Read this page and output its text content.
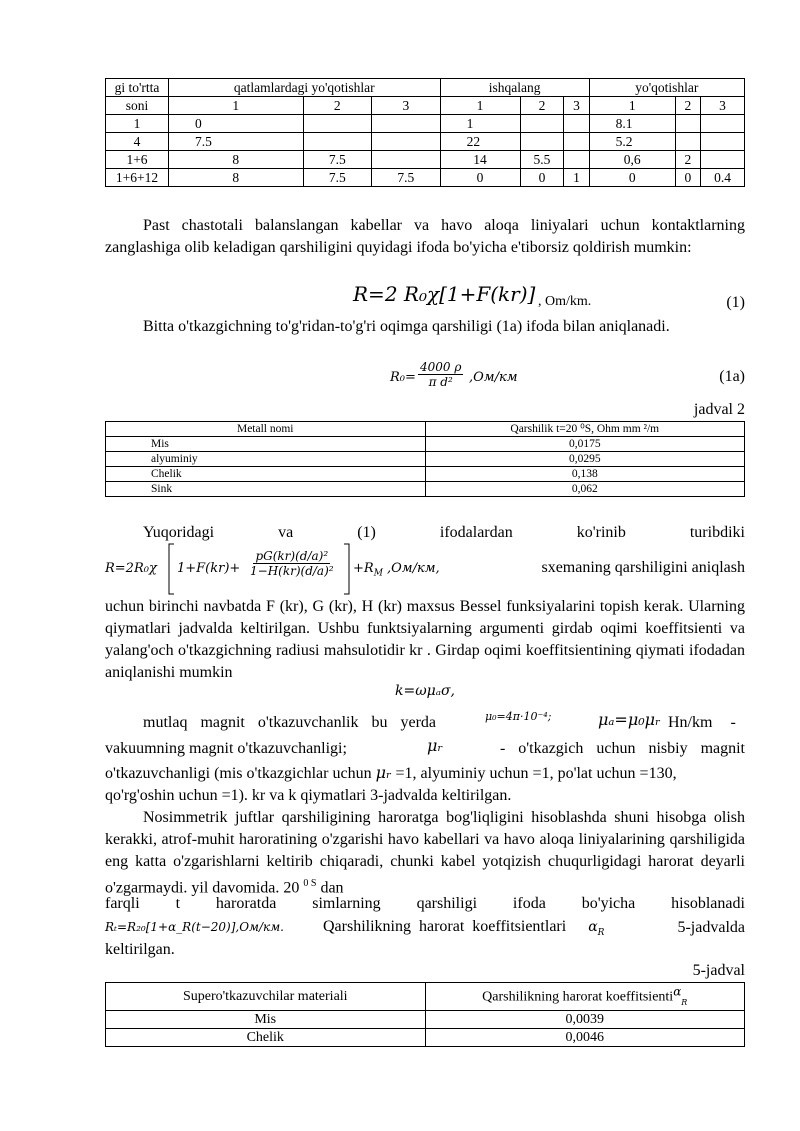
gi to'rtta	qatlamlardagi yo'qotishlar			ishqalang			yo'qotishlar		
soni	1	2	3	1	2	3	1	2	3
1	0			1			8.1		
4	7.5			22			5.2		
1+6	8	7.5		14	5.5		0,6	2	
1+6+12	8	7.5	7.5	0	0	1	0	0	0.4

Past chastotali balanslangan kabellar va havo aloqa liniyalari uchun kontaktlarning zanglashiga olib keladigan qarshiligini quyidagi ifoda bo'yicha e'tiborsiz qoldirish mumkin:

R=2 R₀χ[1+F(kr)] , Om/km.	(1)

Bitta o'tkazgichning to'g'ridan-to'g'ri oqimga qarshiligi (1a) ifoda bilan aniqlanadi.

$R_0= \frac{4000 \rho}{\text{π d²}} ,Ом/км$	(1a)
jadval 2
Metall nomi	Qarshilik t=20 ⁰S, Ohm mm ²/m
Mis	0,0175
alyuminiy	0,0295
Chelik	0,138
Sink	0,062
Yuqoridagi	va	(1)	ifodalardan	ko'rinib	turibdiki
R=2R₀χ $1+F(kr)+ \frac{\text{pG(kr)(d/a)²}}{\text{1−H(kr)(d/a)²}} +R_M$ ,Ом/км,	sxemaning qarshiligini aniqlash

uchun birinchi navbatda F (kr), G (kr), H (kr) maxsus Bessel funksiyalarini topish kerak. Ularning qiymatlari jadvalda keltirilgan. Ushbu funktsiyalarning argumenti girdab oqimi koeffitsienti va yalang'och o'tkazgichning radiusi mahsulotidir kr . Girdap oqimi koeffitsientining qiymati ifodadan aniqlanishi mumkin

k=ωμₐσ,
mutlaq magnit o'tkazuvchanlik bu yerda	μ₀=4π·10⁻⁴;	μₐ=μ₀μᵣ Hn/km -
vakuumning magnit o'tkazuvchanligi;	μᵣ	- o'tkazgich uchun nisbiy magnit
o'tkazuvchanligi (mis o'tkazgichlar uchun μᵣ =1, alyuminiy uchun =1, po'lat uchun =130, qo'rg'oshin uchun =1). kr va k qiymatlari 3-jadvalda keltirilgan.

Nosimmetrik juftlar qarshiligining haroratga bog'liqligini hisoblashda shuni hisobga olish kerakki, atrof-muhit haroratining o'zgarishi havo kabellari va havo aloqa liniyalarining qarshiligida eng katta o'zgarishlarni keltirib chiqaradi, chunki kabel yotqizish chuqurligidagi harorat deyarli o'zgarmaydi. yil davomida. 20 $^{0 S}$ dan

farqli t haroratda simlarning qarshiligi ifoda bo'yicha hisoblanadi
Rₜ=R₂₀[1+α_R(t−20)],Ом/км. Qarshilikning harorat koeffitsientlari $\alpha_R$	5-jadvalda

keltirilgan.

5-jadval
Supero'tkazuvchilar materiali	Qarshilikning harorat koeffitsienti$^\alpha_R$
Mis	0,0039
Chelik	0,0046
